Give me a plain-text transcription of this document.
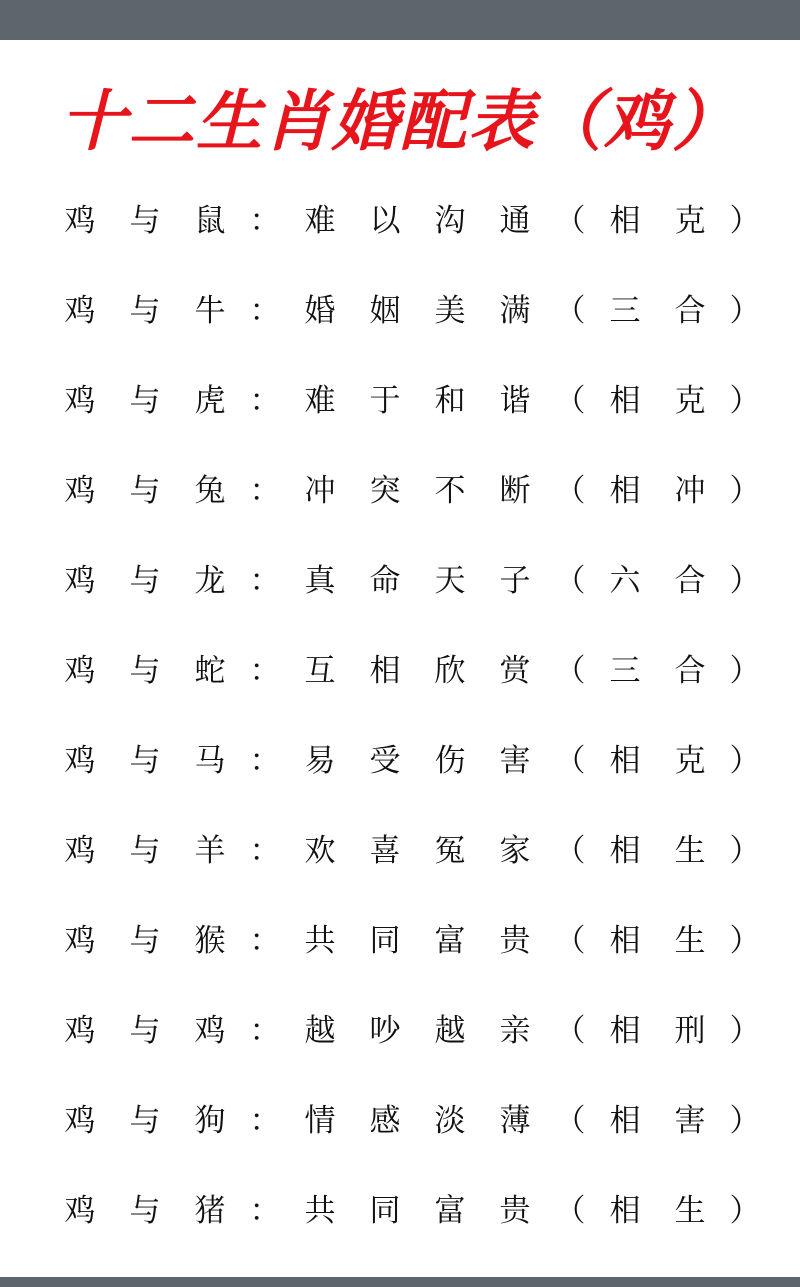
十二生肖婚配表（鸡）
鸡	与	鼠 ： 难	以	沟	通 （ 相	克 ）
鸡	与	牛 ： 婚	姻	美	满 （ 三	合 ）
鸡	与	虎 ： 难	于	和	谐 （ 相	克 ）
鸡	与	兔 ： 冲	突	不	断 （ 相	冲 ）
鸡	与	龙 ： 真	命	天	子 （ 六	合 ）
鸡	与	蛇 ： 互	相	欣	赏 （ 三	合 ）
鸡	与	马 ： 易	受	伤	害 （ 相	克 ）
鸡	与	羊 ： 欢	喜	冤	家 （ 相	生 ）
鸡	与	猴 ： 共	同	富	贵 （ 相	生 ）
鸡	与	鸡 ： 越	吵	越	亲 （ 相	刑 ）
鸡	与	狗 ： 情	感	淡	薄 （ 相	害 ）
鸡	与	猪 ： 共	同	富	贵 （ 相	生 ）
